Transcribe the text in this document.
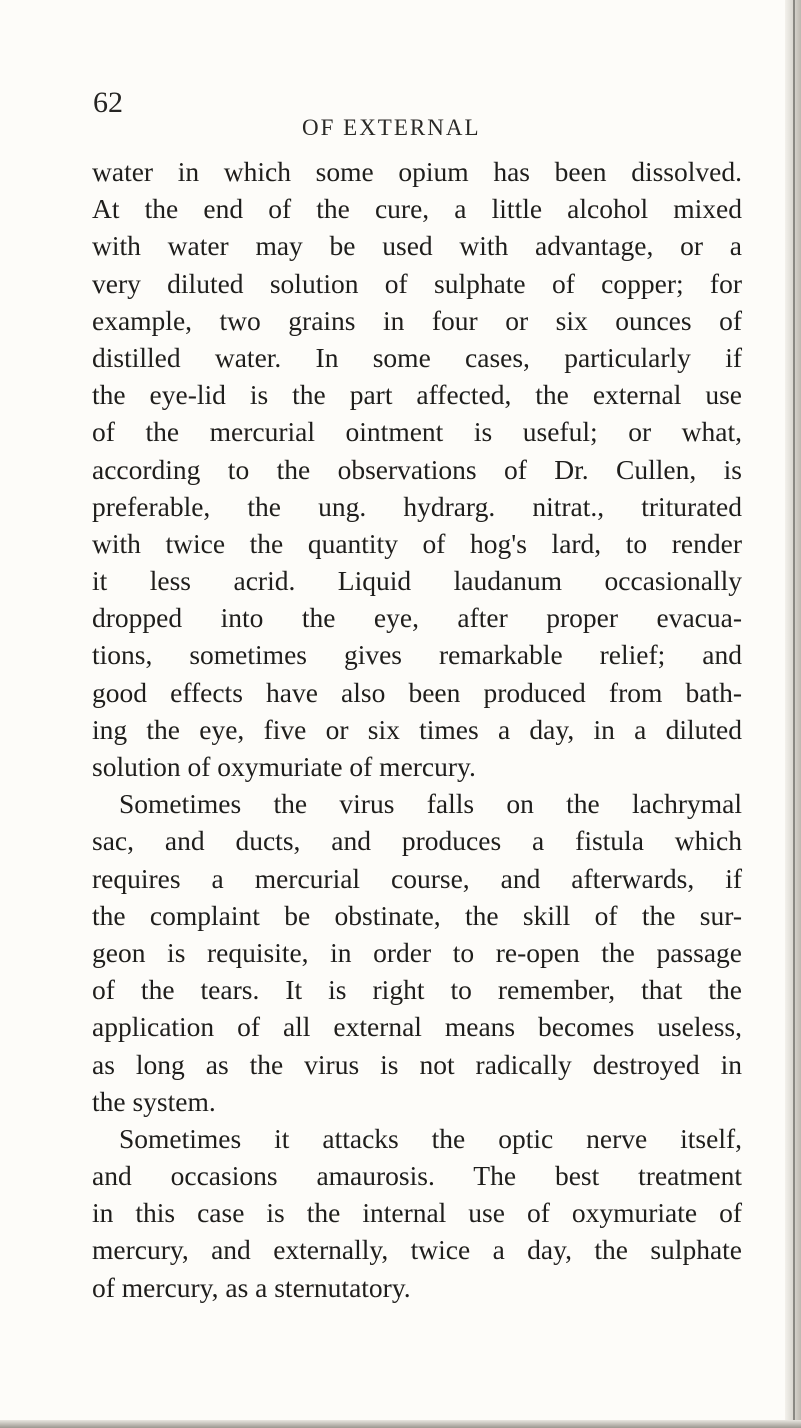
62
OF EXTERNAL
water in which some opium has been dissolved.
At the end of the cure, a little alcohol mixed
with water may be used with advantage, or a
very diluted solution of sulphate of copper; for
example, two grains in four or six ounces of
distilled water. In some cases, particularly if
the eye-lid is the part affected, the external use
of the mercurial ointment is useful; or what,
according to the observations of Dr. Cullen, is
preferable, the ung. hydrarg. nitrat., triturated
with twice the quantity of hog's lard, to render
it less acrid. Liquid laudanum occasionally
dropped into the eye, after proper evacua-
tions, sometimes gives remarkable relief; and
good effects have also been produced from bath-
ing the eye, five or six times a day, in a diluted
solution of oxymuriate of mercury.
Sometimes the virus falls on the lachrymal
sac, and ducts, and produces a fistula which
requires a mercurial course, and afterwards, if
the complaint be obstinate, the skill of the sur-
geon is requisite, in order to re-open the passage
of the tears. It is right to remember, that the
application of all external means becomes useless,
as long as the virus is not radically destroyed in
the system.
Sometimes it attacks the optic nerve itself,
and occasions amaurosis. The best treatment
in this case is the internal use of oxymuriate of
mercury, and externally, twice a day, the sulphate
of mercury, as a sternutatory.
